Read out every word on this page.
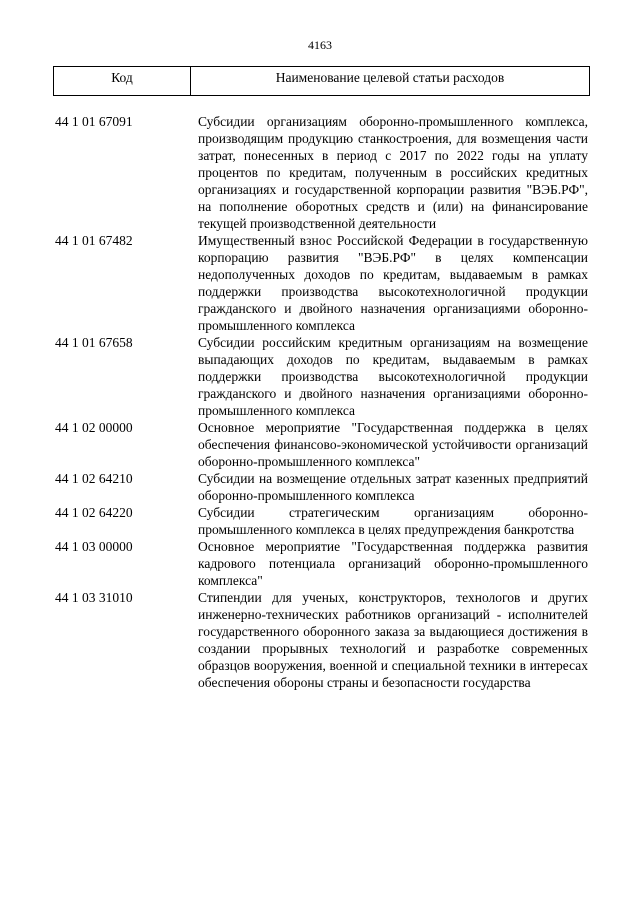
4163
Код	Наименование целевой статьи расходов
44 1 01 67091	Субсидии организациям оборонно-промышленного комплекса, производящим продукцию станкостроения, для возмещения части затрат, понесенных в период с 2017 по 2022 годы на уплату процентов по кредитам, полученным в российских кредитных организациях и государственной корпорации развития "ВЭБ.РФ", на пополнение оборотных средств и (или) на финансирование текущей производственной деятельности
44 1 01 67482	Имущественный взнос Российской Федерации в государственную корпорацию развития "ВЭБ.РФ" в целях компенсации недополученных доходов по кредитам, выдаваемым в рамках поддержки производства высокотехнологичной продукции гражданского и двойного назначения организациями оборонно-промышленного комплекса
44 1 01 67658	Субсидии российским кредитным организациям на возмещение выпадающих доходов по кредитам, выдаваемым в рамках поддержки производства высокотехнологичной продукции гражданского и двойного назначения организациями оборонно-промышленного комплекса
44 1 02 00000	Основное мероприятие "Государственная поддержка в целях обеспечения финансово-экономической устойчивости организаций оборонно-промышленного комплекса"
44 1 02 64210	Субсидии на возмещение отдельных затрат казенных предприятий оборонно-промышленного комплекса
44 1 02 64220	Субсидии стратегическим организациям оборонно-промышленного комплекса в целях предупреждения банкротства
44 1 03 00000	Основное мероприятие "Государственная поддержка развития кадрового потенциала организаций оборонно-промышленного комплекса"
44 1 03 31010	Стипендии для ученых, конструкторов, технологов и других инженерно-технических работников организаций - исполнителей государственного оборонного заказа за выдающиеся достижения в создании прорывных технологий и разработке современных образцов вооружения, военной и специальной техники в интересах обеспечения обороны страны и безопасности государства
